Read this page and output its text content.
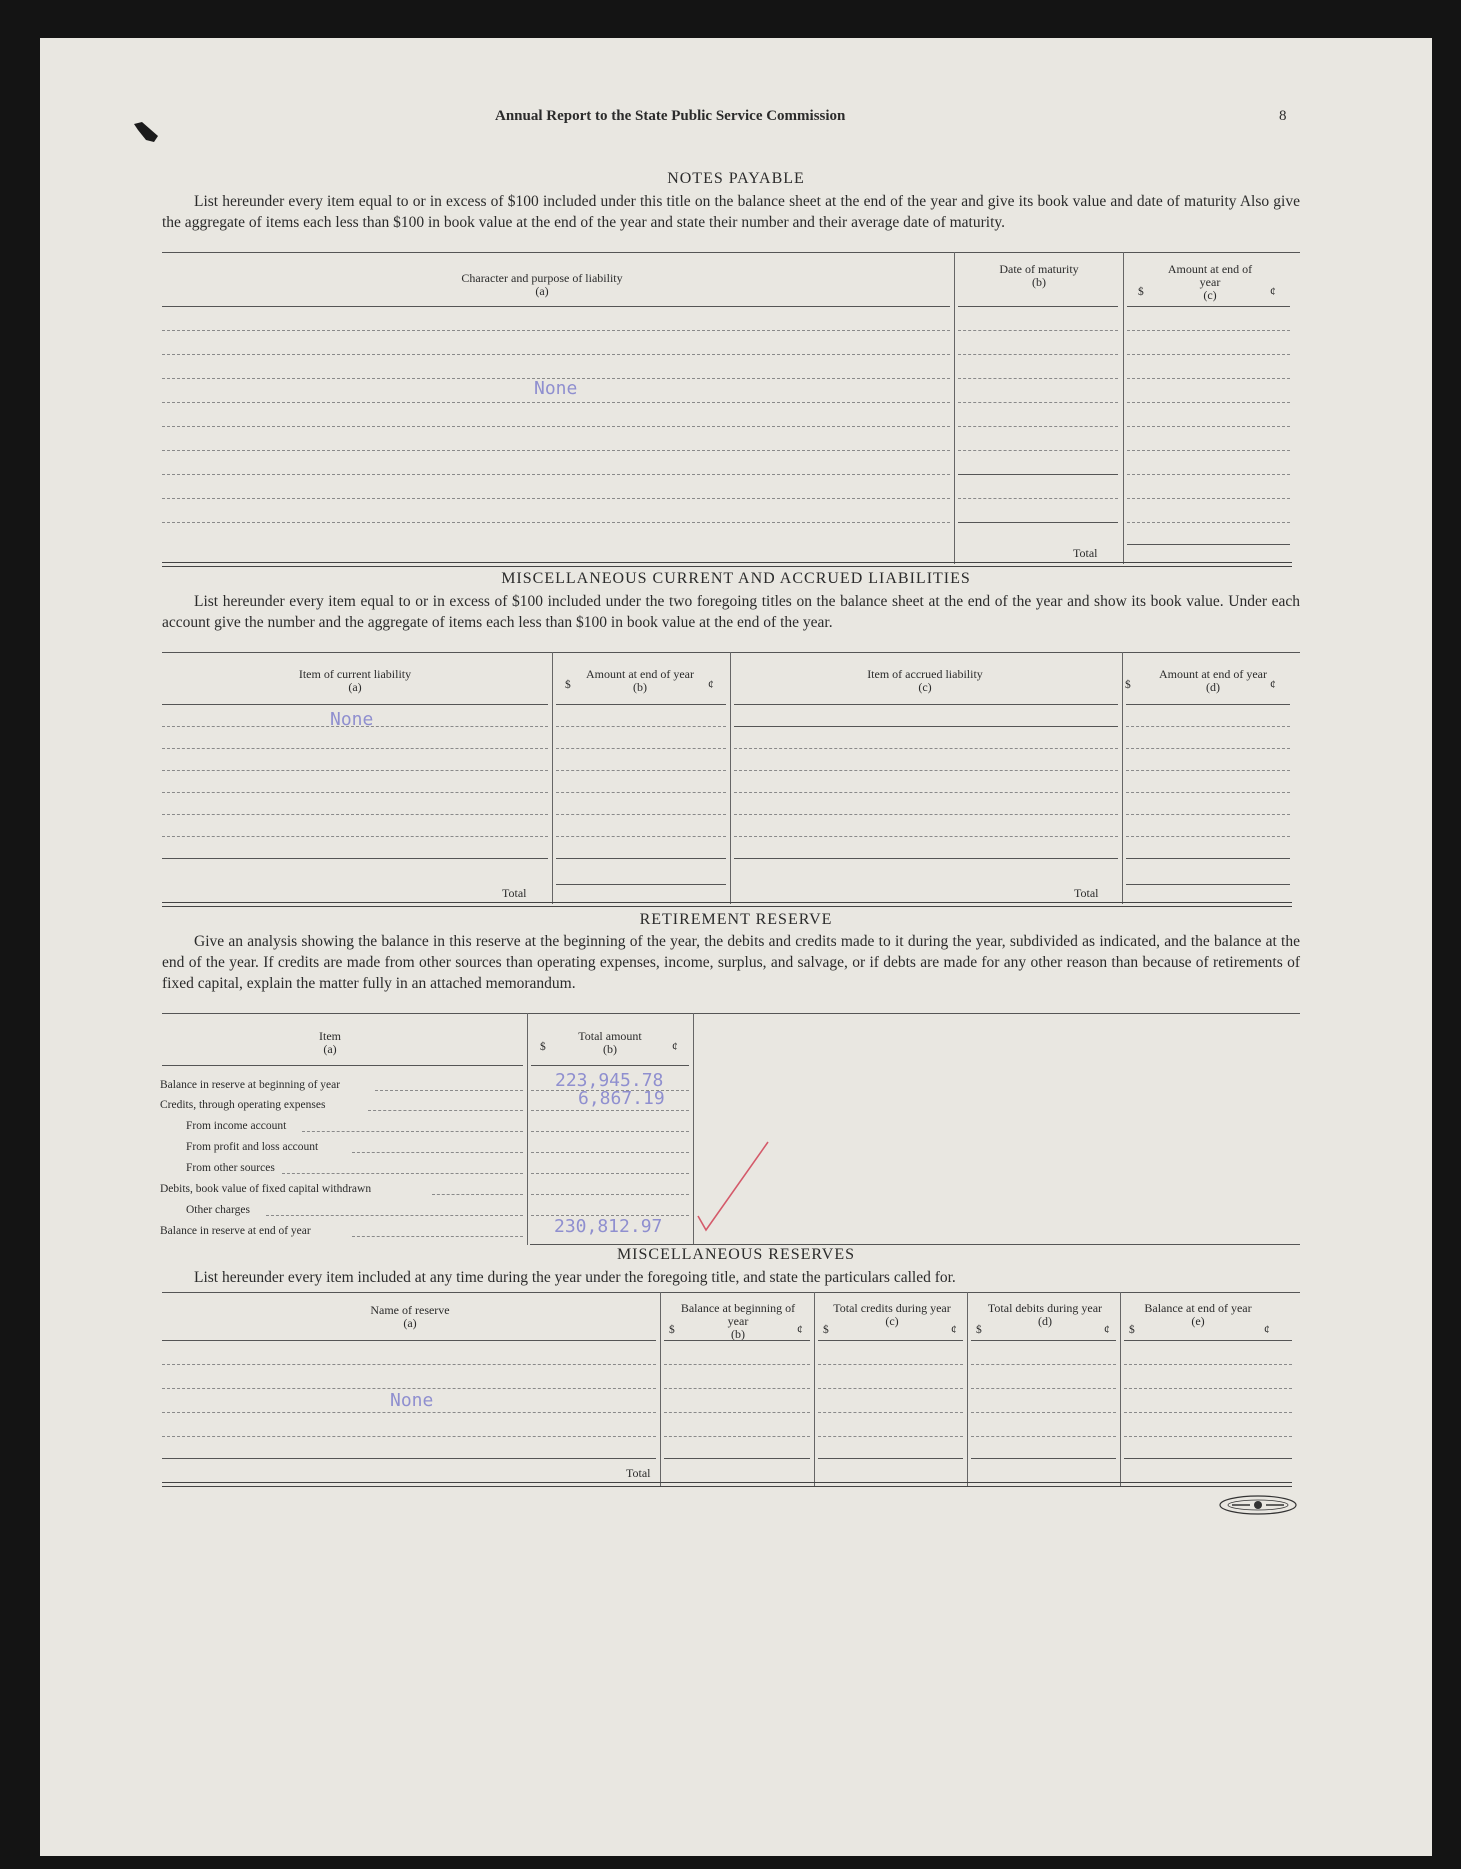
Annual Report to the State Public Service Commission	8
NOTES PAYABLE
List hereunder every item equal to or in excess of $100 included under this title on the balance sheet at the end of the year and give its book value and date of maturity Also give the aggregate of items each less than $100 in book value at the end of the year and state their number and their average date of maturity.
Character and purpose of liability
(a)
Date of maturity
(b)
Amount at end of year
(c)
$	¢
None
Total
MISCELLANEOUS CURRENT AND ACCRUED LIABILITIES
List hereunder every item equal to or in excess of $100 included under the two foregoing titles on the balance sheet at the end of the year and show its book value. Under each account give the number and the aggregate of items each less than $100 in book value at the end of the year.
Item of current liability
(a)
Amount at end of year
(b)
$	¢
Item of accrued liability
(c)
Amount at end of year
(d)
$	¢
None
Total	Total
RETIREMENT RESERVE
Give an analysis showing the balance in this reserve at the beginning of the year, the debits and credits made to it during the year, subdivided as indicated, and the balance at the end of the year. If credits are made from other sources than operating expenses, income, surplus, and salvage, or if debts are made for any other reason than because of retirements of fixed capital, explain the matter fully in an attached memorandum.
Item
(a)
Total amount
(b)
$	¢
Balance in reserve at beginning of year	223,945.78
Credits, through operating expenses	6,867.19
From income account
From profit and loss account
From other sources
Debits, book value of fixed capital withdrawn
Other charges
Balance in reserve at end of year	230,812.97
MISCELLANEOUS RESERVES
List hereunder every item included at any time during the year under the foregoing title, and state the particulars called for.
Name of reserve
(a)
Balance at beginning of year
(b)
Total credits during year
(c)
Total debits during year
(d)
Balance at end of year
(e)
$	¢ $	¢ $	¢ $	¢
None
Total
